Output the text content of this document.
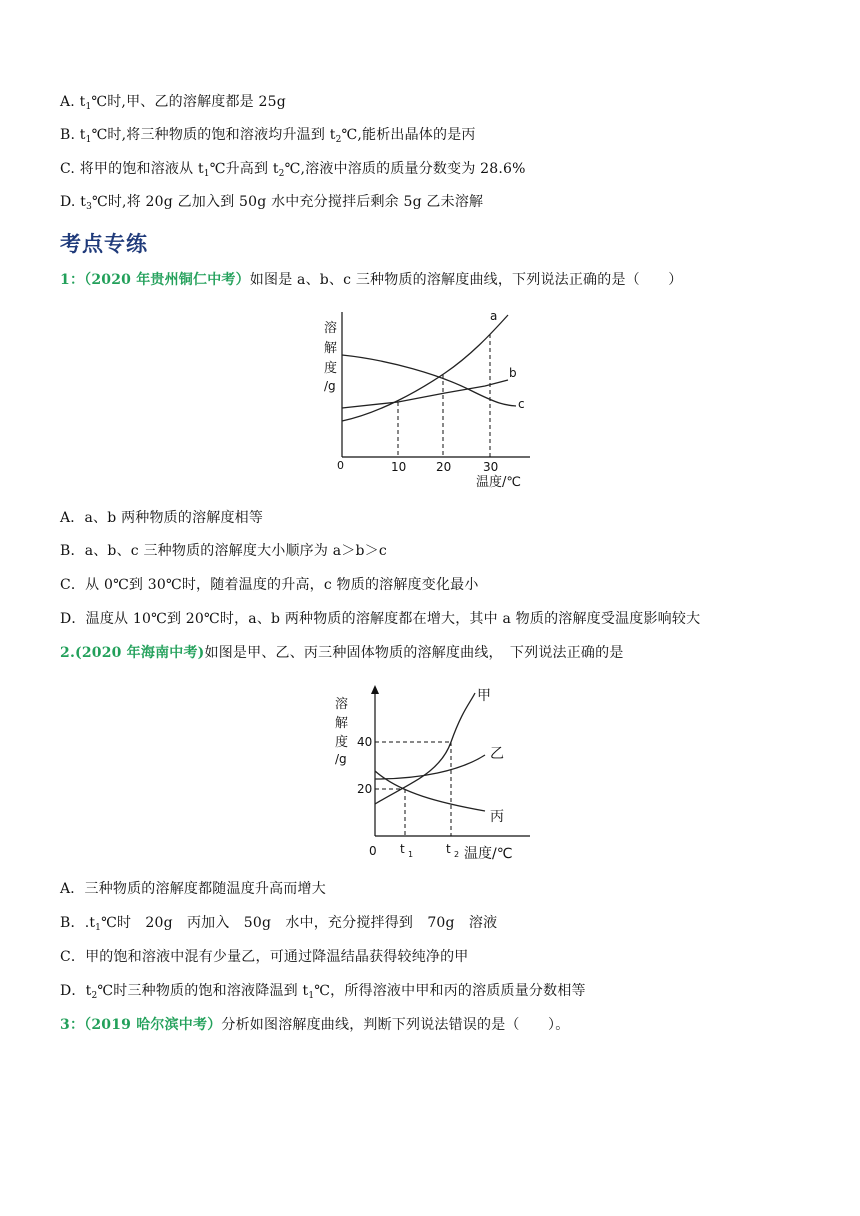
A. $t_1℃$时,甲、乙的溶解度都是 25g

B. $t_1℃$时,将三种物质的饱和溶液均升温到 $t_2℃$,能析出晶体的是丙

C. 将甲的饱和溶液从 $t_1℃$升高到 $t_2℃$,溶液中溶质的质量分数变为 28.6%

D. $t_3℃$时,将 20g 乙加入到 50g 水中充分搅拌后剩余 5g 乙未溶解

考点专练

1：（2020 年贵州铜仁中考）如图是 a、b、c 三种物质的溶解度曲线，下列说法正确的是（　　）

溶
解
度
/g
a
b
c
0	10 20	30
温度/℃

A．a、b 两种物质的溶解度相等

B．a、b、c 三种物质的溶解度大小顺序为 a＞b＞c

C．从 0℃到 30℃时，随着温度的升高，c 物质的溶解度变化最小

D．温度从 10℃到 20℃时，a、b 两种物质的溶解度都在增大，其中 a 物质的溶解度受温度影响较大

2.(2020 年海南中考)如图是甲、乙、丙三种固体物质的溶解度曲线，　下列说法正确的是

溶
解
度
/g
40
20
甲
乙
丙
0 t 1	t 2 温度/℃

A．三种物质的溶解度都随温度升高而增大

B．$.t_1℃$时　20g　丙加入　50g　水中，充分搅拌得到　70g　溶液

C．甲的饱和溶液中混有少量乙，可通过降温结晶获得较纯净的甲

D．$t_2℃$时三种物质的饱和溶液降温到 $t_1℃$，所得溶液中甲和丙的溶质质量分数相等

3：（2019 哈尔滨中考）分析如图溶解度曲线，判断下列说法错误的是（　　）。
